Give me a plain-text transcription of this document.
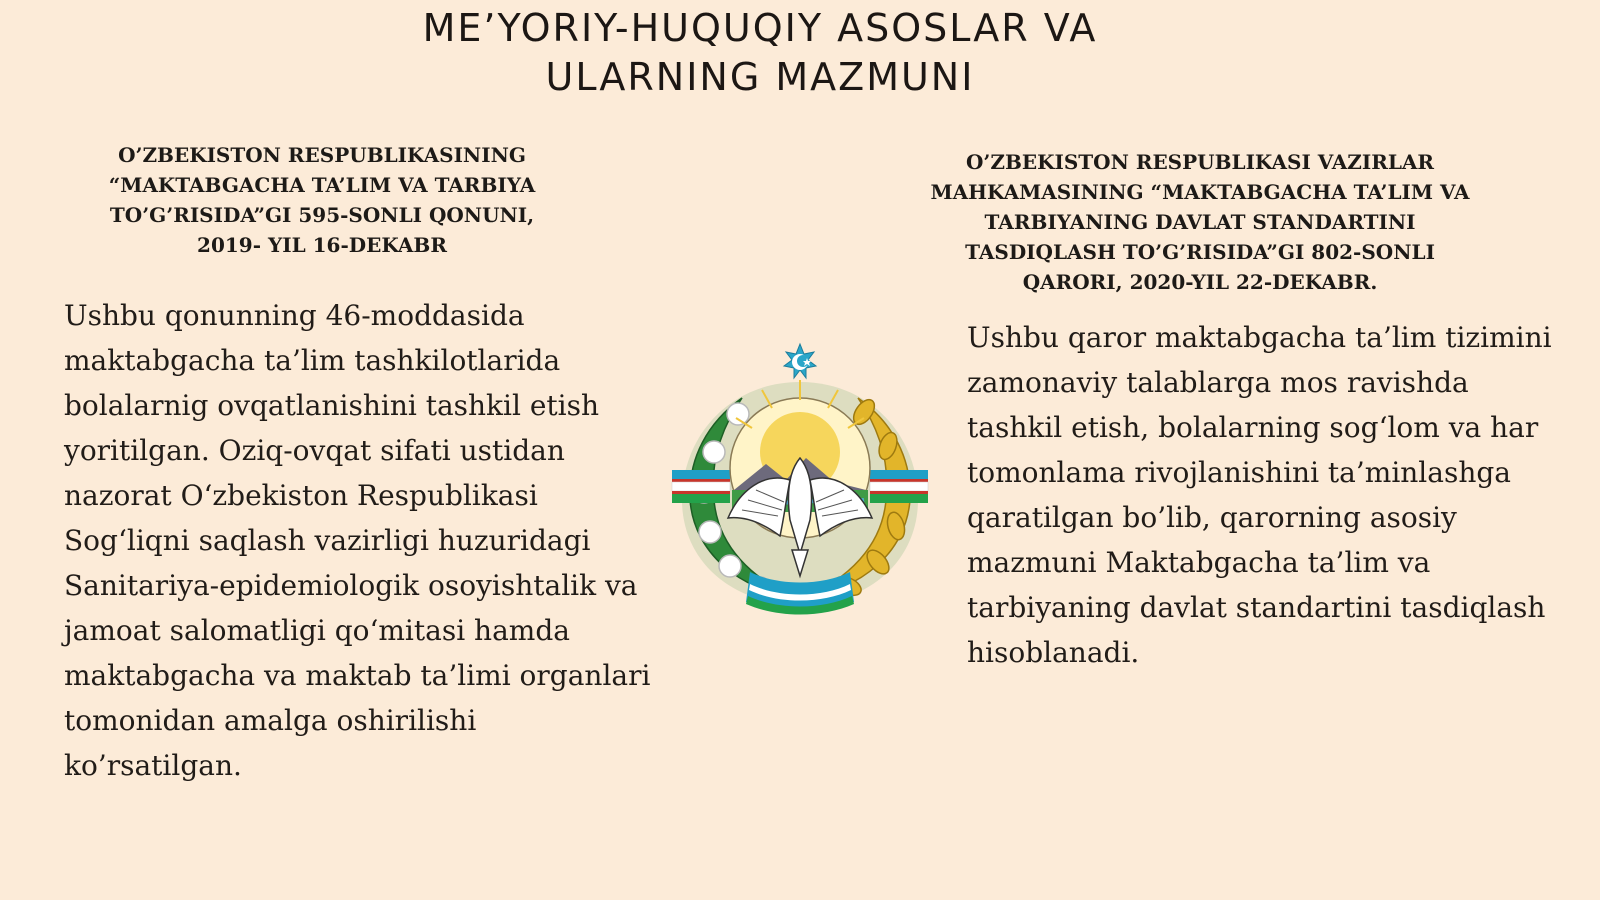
ME’YORIY-HUQUQIY ASOSLAR VA
ULARNING MAZMUNI
O’ZBEKISTON RESPUBLIKASINING
“MAKTABGACHA TA’LIM VA TARBIYA
TO’G’RISIDA”GI 595-SONLI QONUNI,
2019- YIL 16-DEKABR
Ushbu qonunning 46-moddasida
maktabgacha ta’lim tashkilotlarida
bolalarnig ovqatlanishini tashkil etish
yoritilgan. Oziq-ovqat sifati ustidan
nazorat O‘zbekiston Respublikasi
Sog‘liqni saqlash vazirligi huzuridagi
Sanitariya-epidemiologik osoyishtalik va
jamoat salomatligi qo‘mitasi hamda
maktabgacha va maktab ta’limi organlari
tomonidan amalga oshirilishi
ko’rsatilgan.
O’ZBEKISTON RESPUBLIKASI VAZIRLAR
MAHKAMASINING “MAKTABGACHA TA’LIM VA
TARBIYANING DAVLAT STANDARTINI
TASDIQLASH TO’G’RISIDA”GI 802-SONLI
QARORI, 2020-YIL 22-DEKABR.
Ushbu qaror maktabgacha ta’lim tizimini
zamonaviy talablarga mos ravishda
tashkil etish, bolalarning sog‘lom va har
tomonlama rivojlanishini ta’minlashga
qaratilgan bo’lib, qarorning asosiy
mazmuni Maktabgacha ta’lim va
tarbiyaning davlat standartini tasdiqlash
hisoblanadi.
